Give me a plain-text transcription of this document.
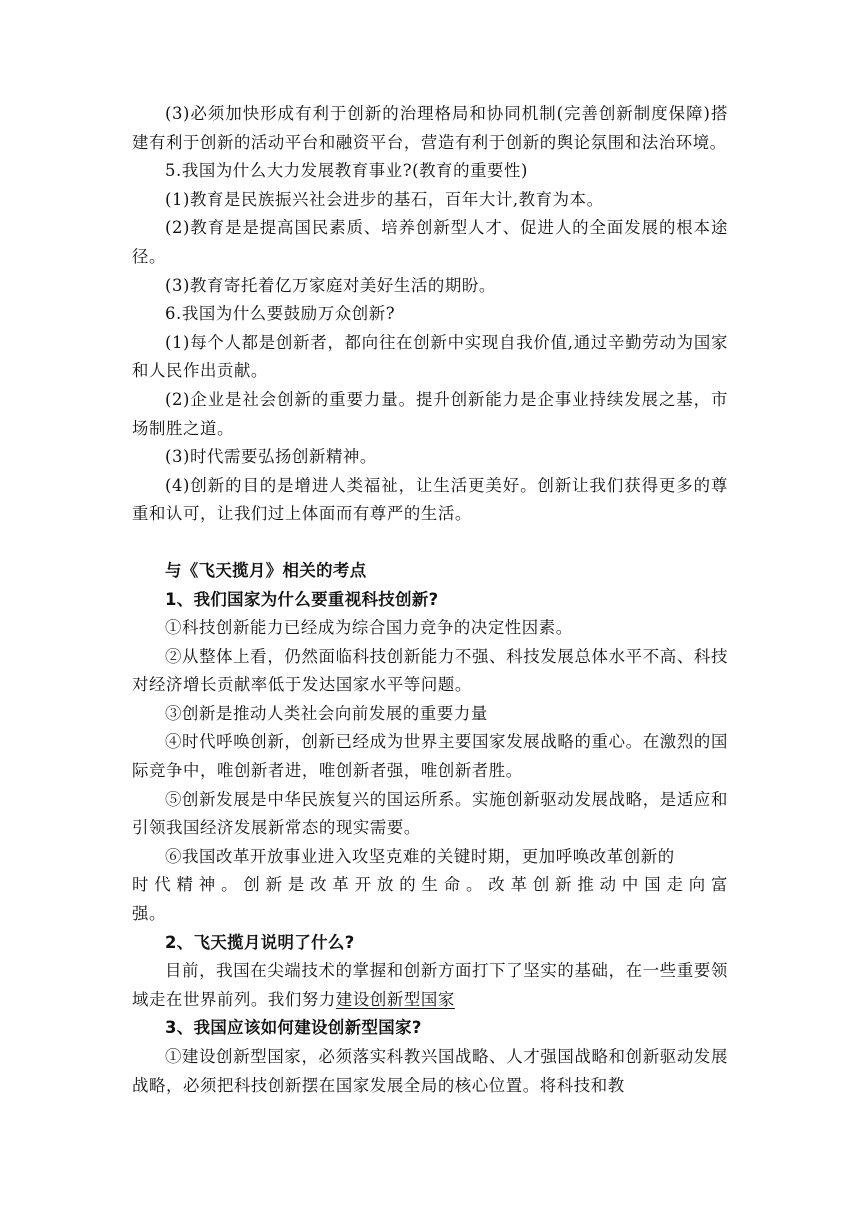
(3)必须加快形成有利于创新的治理格局和协同机制(完善创新制度保障)搭建有利于创新的活动平台和融资平台，营造有利于创新的舆论氛围和法治环境。

5.我国为什么大力发展教育事业?(教育的重要性)

(1)教育是民族振兴社会进步的基石，百年大计,教育为本。

(2)教育是是提高国民素质、培养创新型人才、促进人的全面发展的根本途径。

(3)教育寄托着亿万家庭对美好生活的期盼。

6.我国为什么要鼓励万众创新?

(1)每个人都是创新者，都向往在创新中实现自我价值,通过辛勤劳动为国家和人民作出贡献。

(2)企业是社会创新的重要力量。提升创新能力是企事业持续发展之基，市场制胜之道。

(3)时代需要弘扬创新精神。

(4)创新的目的是增进人类福祉，让生活更美好。创新让我们获得更多的尊重和认可，让我们过上体面而有尊严的生活。

与《飞天揽月》相关的考点

1、我们国家为什么要重视科技创新?

①科技创新能力已经成为综合国力竞争的决定性因素。

②从整体上看，仍然面临科技创新能力不强、科技发展总体水平不高、科技对经济增长贡献率低于发达国家水平等问题。

③创新是推动人类社会向前发展的重要力量

④时代呼唤创新，创新已经成为世界主要国家发展战略的重心。在激烈的国际竞争中，唯创新者进，唯创新者强，唯创新者胜。

⑤创新发展是中华民族复兴的国运所系。实施创新驱动发展战略，是适应和引领我国经济发展新常态的现实需要。

⑥我国改革开放事业进入攻坚克难的关键时期，更加呼唤改革创新的

时代精神。创新是改革开放的生命。改革创新推动中国走向富

强。

2、飞天揽月说明了什么?

目前，我国在尖端技术的掌握和创新方面打下了坚实的基础，在一些重要领域走在世界前列。我们努力建设创新型国家

3、我国应该如何建设创新型国家?

①建设创新型国家，必须落实科教兴国战略、人才强国战略和创新驱动发展战略，必须把科技创新摆在国家发展全局的核心位置。将科技和教
